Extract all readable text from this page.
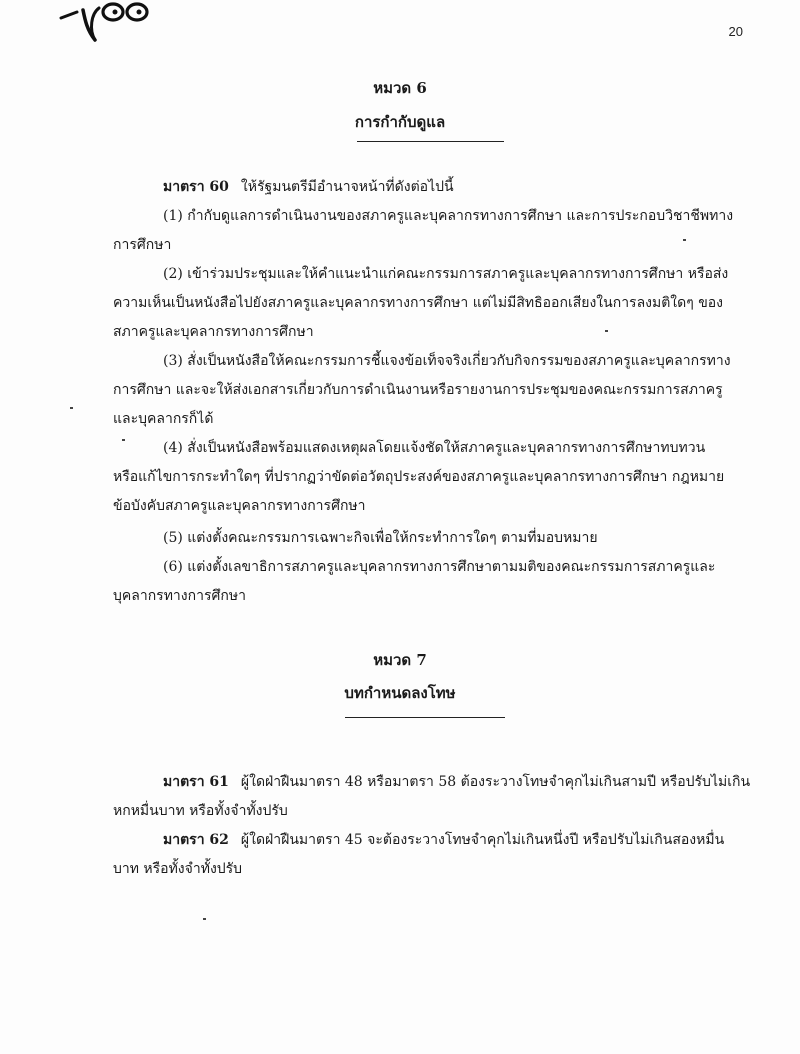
20
หมวด 6
การกำกับดูแล
มาตรา 60 ให้รัฐมนตรีมีอำนาจหน้าที่ดังต่อไปนี้
(1) กำกับดูแลการดำเนินงานของสภาครูและบุคลากรทางการศึกษา และการประกอบวิชาชีพทาง
การศึกษา
(2) เข้าร่วมประชุมและให้คำแนะนำแก่คณะกรรมการสภาครูและบุคลากรทางการศึกษา หรือส่ง
ความเห็นเป็นหนังสือไปยังสภาครูและบุคลากรทางการศึกษา แต่ไม่มีสิทธิออกเสียงในการลงมติใดๆ ของ
สภาครูและบุคลากรทางการศึกษา
(3) สั่งเป็นหนังสือให้คณะกรรมการชี้แจงข้อเท็จจริงเกี่ยวกับกิจกรรมของสภาครูและบุคลากรทาง
การศึกษา และจะให้ส่งเอกสารเกี่ยวกับการดำเนินงานหรือรายงานการประชุมของคณะกรรมการสภาครู
และบุคลากรก็ได้
(4) สั่งเป็นหนังสือพร้อมแสดงเหตุผลโดยแจ้งชัดให้สภาครูและบุคลากรทางการศึกษาทบทวน
หรือแก้ไขการกระทำใดๆ ที่ปรากฏว่าขัดต่อวัตถุประสงค์ของสภาครูและบุคลากรทางการศึกษา กฎหมาย
ข้อบังคับสภาครูและบุคลากรทางการศึกษา
(5) แต่งตั้งคณะกรรมการเฉพาะกิจเพื่อให้กระทำการใดๆ ตามที่มอบหมาย
(6) แต่งตั้งเลขาธิการสภาครูและบุคลากรทางการศึกษาตามมติของคณะกรรมการสภาครูและ
บุคลากรทางการศึกษา
หมวด 7
บทกำหนดลงโทษ
มาตรา 61 ผู้ใดฝ่าฝืนมาตรา 48 หรือมาตรา 58 ต้องระวางโทษจำคุกไม่เกินสามปี หรือปรับไม่เกิน
หกหมื่นบาท หรือทั้งจำทั้งปรับ
มาตรา 62 ผู้ใดฝ่าฝืนมาตรา 45 จะต้องระวางโทษจำคุกไม่เกินหนึ่งปี หรือปรับไม่เกินสองหมื่น
บาท หรือทั้งจำทั้งปรับ
